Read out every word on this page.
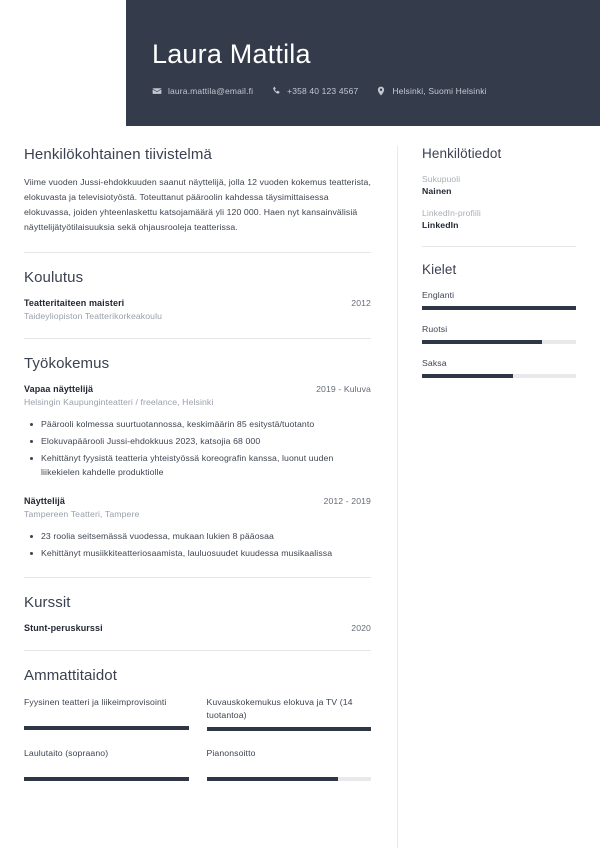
Laura Mattila
laura.mattila@email.fi	+358 40 123 4567	Helsinki, Suomi Helsinki
Henkilökohtainen tiivistelmä
Viime vuoden Jussi-ehdokkuuden saanut näyttelijä, jolla 12 vuoden kokemus teatterista, elokuvasta ja televisiotyöstä. Toteuttanut pääroolin kahdessa täysimittaisessa elokuvassa, joiden yhteenlaskettu katsojamäärä yli 120 000. Haen nyt kansainvälisiä näyttelijätyötilaisuuksia sekä ohjausrooleja teatterissa.
Koulutus
Teatteritaiteen maisteri	2012
Taideyliopiston Teatterikorkeakoulu
Työkokemus
Vapaa näyttelijä	2019 - Kuluva
Helsingin Kaupunginteatteri / freelance, Helsinki
Päärooli kolmessa suurtuotannossa, keskimäärin 85 esitystä/tuotanto
Elokuvapäärooli Jussi-ehdokkuus 2023, katsojia 68 000
Kehittänyt fyysistä teatteria yhteistyössä koreografin kanssa, luonut uuden liikekielen kahdelle produktiolle
Näyttelijä	2012 - 2019
Tampereen Teatteri, Tampere
23 roolia seitsemässä vuodessa, mukaan lukien 8 pääosaa
Kehittänyt musiikkiteatteriosaamista, lauluosuudet kuudessa musikaalissa
Kurssit
Stunt-peruskurssi	2020
Ammattitaidot
Fyysinen teatteri ja liikeimprovisointi	Kuvauskokemukus elokuva ja TV (14 tuotantoa)
Laulutaito (sopraano)	Pianonsoitto
Henkilötiedot
Sukupuoli
Nainen
LinkedIn-profiili
LinkedIn
Kielet
Englanti
Ruotsi
Saksa
